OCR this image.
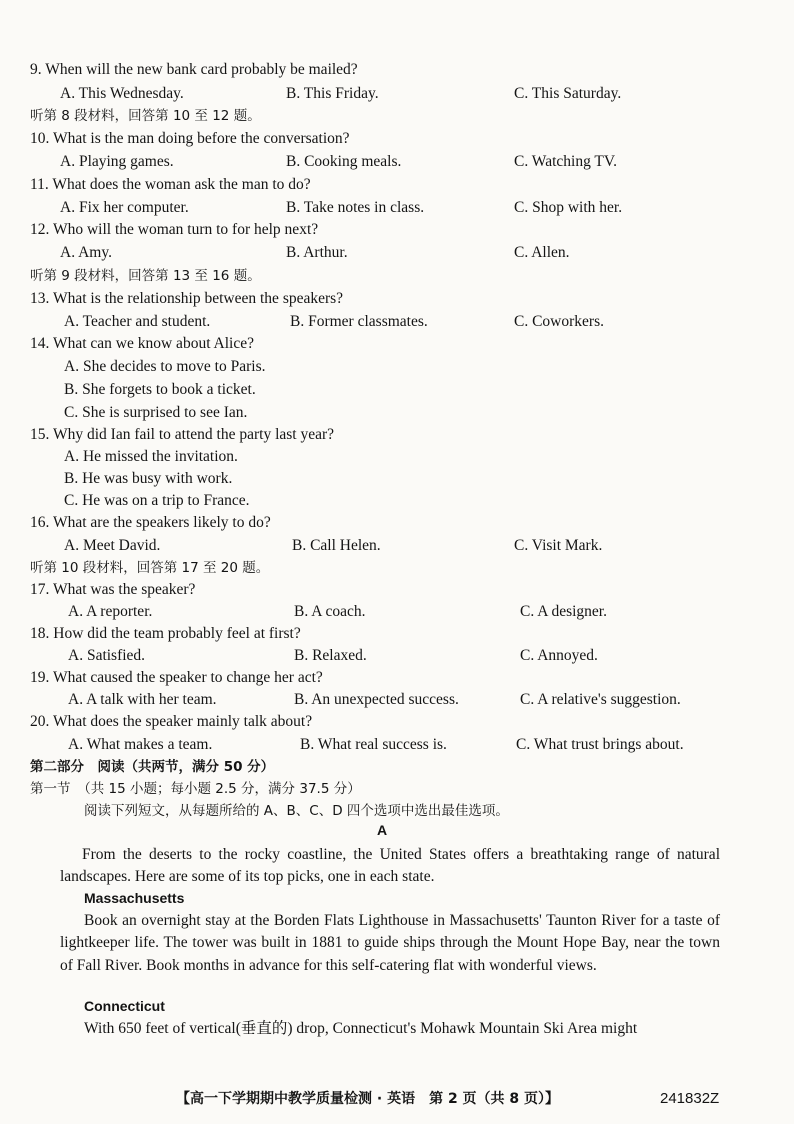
9. When will the new bank card probably be mailed?
A. This Wednesday.	B. This Friday.	C. This Saturday.
听第 8 段材料，回答第 10 至 12 题。
10. What is the man doing before the conversation?
A. Playing games.	B. Cooking meals.	C. Watching TV.
11. What does the woman ask the man to do?
A. Fix her computer.	B. Take notes in class.	C. Shop with her.
12. Who will the woman turn to for help next?
A. Amy.	B. Arthur.	C. Allen.
听第 9 段材料，回答第 13 至 16 题。
13. What is the relationship between the speakers?
A. Teacher and student.	B. Former classmates.	C. Coworkers.
14. What can we know about Alice?
A. She decides to move to Paris.
B. She forgets to book a ticket.
C. She is surprised to see Ian.
15. Why did Ian fail to attend the party last year?
A. He missed the invitation.
B. He was busy with work.
C. He was on a trip to France.
16. What are the speakers likely to do?
A. Meet David.	B. Call Helen.	C. Visit Mark.
听第 10 段材料，回答第 17 至 20 题。
17. What was the speaker?
A. A reporter.	B. A coach.	C. A designer.
18. How did the team probably feel at first?
A. Satisfied.	B. Relaxed.	C. Annoyed.
19. What caused the speaker to change her act?
A. A talk with her team.	B. An unexpected success.	C. A relative's suggestion.
20. What does the speaker mainly talk about?
A. What makes a team.	B. What real success is.	C. What trust brings about.
第二部分　阅读（共两节，满分 50 分）
第一节　（共 15 小题；每小题 2.5 分，满分 37.5 分）
阅读下列短文，从每题所给的 A、B、C、D 四个选项中选出最佳选项。
A
From the deserts to the rocky coastline, the United States offers a breathtaking range of natural landscapes. Here are some of its top picks, one in each state.
Massachusetts
Book an overnight stay at the Borden Flats Lighthouse in Massachusetts' Taunton River for a taste of lightkeeper life. The tower was built in 1881 to guide ships through the Mount Hope Bay, near the town of Fall River. Book months in advance for this self-catering flat with wonderful views.
Connecticut
With 650 feet of vertical(垂直的) drop, Connecticut's Mohawk Mountain Ski Area might
【高一下学期期中教学质量检测 · 英语　第 2 页（共 8 页）】	241832Z
